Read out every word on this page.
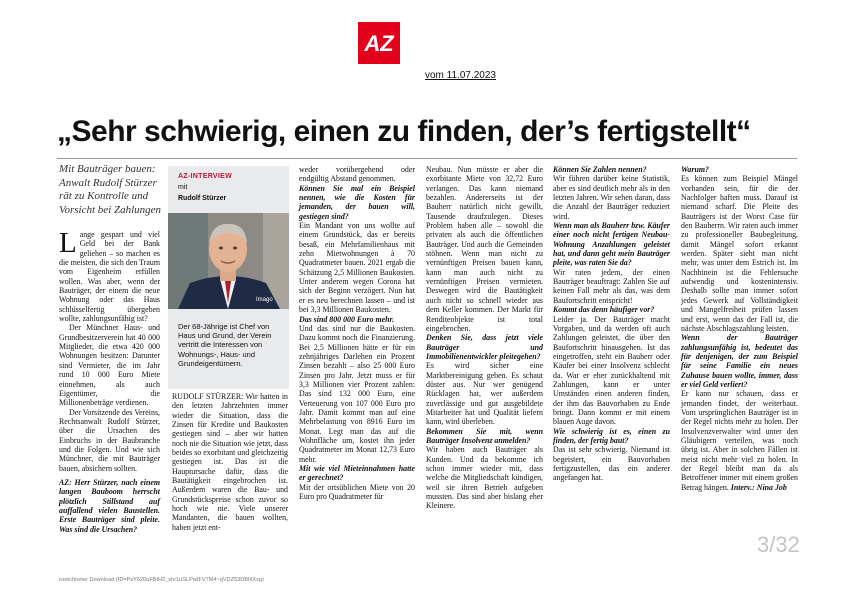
AZ
vom 11.07.2023
„Sehr schwierig, einen zu finden, der’s fertigstellt“
Mit Bauträger bauen: Anwalt Rudolf Stürzer rät zu Kontrolle und Vorsicht bei Zahlungen

Lange gespart und viel Geld bei der Bank geliehen – so machen es die meisten, die sich den Traum vom Eigenheim erfüllen wollen. Was aber, wenn der Bauträger, der einem die neue Wohnung oder das Haus schlüsselfertig übergeben wollte, zahlungsunfähig ist?

Der Münchner Haus- und Grundbesitzerverein hat 40 000 Mitglieder, die etwa 420 000 Wohnungen besitzen: Darunter sind Vermieter, die im Jahr rund 10 000 Euro Miete einnehmen, als auch Eigentümer, die Millionenbeträge verdienen.

Der Vorsitzende des Vereins, Rechtsanwalt Rudolf Stürzer, über die Ursachen des Einbruchs in der Baubranche und die Folgen. Und wie sich Münchner, die mit Bauträger bauen, absichern sollten.

AZ: Herr Stürzer, nach einem langen Bauboom herrscht plötzlich Stillstand auf auffallend vielen Baustellen. Erste Bauträger sind pleite. Was sind die Ursachen?

AZ-INTERVIEW
mit
Rudolf Stürzer
Imago
Der 68-Jährige ist Chef von Haus und Grund, der Verein vertritt die Interessen von Wohnungs-, Haus- und Grundeigentümern.

RUDOLF STÜRZER: Wir hatten in den letzten Jahrzehnten immer wieder die Situation, dass die Zinsen für Kredite und Baukosten gestiegen sind – aber wir hatten noch nie die Situation wie jetzt, dass beides so exorbitant und gleichzeitig gestiegen ist. Das ist die Hauptursache dafür, dass die Bautätigkeit eingebrochen ist. Außerdem waren die Bau- und Grundstückspreise schon zuvor so hoch wie nie. Viele unserer Mandanten, die bauen wollten, haben jetzt ent-

weder vorübergehend oder endgültig Abstand genommen.

Können Sie mal ein Beispiel nennen, wie die Kosten für jemanden, der bauen will, gestiegen sind?

Ein Mandant von uns wollte auf einem Grundstück, das er bereits besaß, ein Mehrfamilienhaus mit zehn Mietwohnungen à 70 Quadratmeter bauen. 2021 ergab die Schätzung 2,5 Millionen Baukosten. Unter anderem wegen Corona hat sich der Beginn verzögert. Nun hat er es neu berechnen lassen – und ist bei 3,3 Millionen Baukosten.

Das sind 800 000 Euro mehr.

Und das sind nur die Baukosten. Dazu kommt noch die Finanzierung. Bei 2,5 Millionen hätte er für ein zehnjähriges Darlehen ein Prozent Zinsen bezahlt – also 25 000 Euro Zinsen pro Jahr. Jetzt muss er für 3,3 Millionen vier Prozent zahlen: Das sind 132 000 Euro, eine Verteuerung von 107 000 Euro pro Jahr. Damit kommt man auf eine Mehrbelastung von 8916 Euro im Monat. Legt man das auf die Wohnfläche um, kostet ihn jeder Quadratmeter im Monat 12,73 Euro mehr.

Mit wie viel Mieteinnahmen hatte er gerechnet?

Mit der ortsüblichen Miete von 20 Euro pro Quadratmeter für

Neubau. Nun müsste er aber die exorbitante Miete von 32,72 Euro verlangen. Das kann niemand bezahlen. Andererseits ist der Bauherr natürlich nicht gewillt, Tausende draufzulegen. Dieses Problem haben alle – sowohl die privaten als auch die öffentlichen Bauträger. Und auch die Gemeinden stöhnen. Wenn man nicht zu vernünftigen Preisen bauen kann, kann man auch nicht zu vernünftigen Preisen vermieten. Deswegen wird die Bautätigkeit auch nicht so schnell wieder aus dem Keller kommen. Der Markt für Renditeobjekte ist total eingebrochen.

Denken Sie, dass jetzt viele Bauträger und Immobilienentwickler pleitegehen?

Es wird sicher eine Marktbereinigung geben. Es schaut düster aus. Nur wer genügend Rücklagen hat, wer außerdem zuverlässige und gut ausgebildete Mitarbeiter hat und Qualität liefern kann, wird überleben.

Bekommen Sie mit, wenn Bauträger Insolvenz anmelden?

Wir haben auch Bauträger als Kunden. Und da bekomme ich schon immer wieder mit, dass welche die Mitgliedschaft kündigen, weil sie ihren Betrieb aufgeben mussten. Das sind aber bislang eher Kleinere.

Können Sie Zahlen nennen?

Wir führen darüber keine Statistik, aber es sind deutlich mehr als in den letzten Jahren. Wir sehen daran, dass die Anzahl der Bauträger reduziert wird.

Wenn man als Bauherr bzw. Käufer einer noch nicht fertigen Neubau-Wohnung Anzahlungen geleistet hat, und dann geht mein Bauträger pleite, was raten Sie da?

Wir raten jedem, der einen Bauträger beauftragt: Zahlen Sie auf keinen Fall mehr als das, was dem Baufortschritt entspricht!

Kommt das denn häufiger vor?

Leider ja. Der Bauträger macht Vorgaben, und da werden oft auch Zahlungen geleistet, die über den Baufortschritt hinausgehen. Ist das eingetroffen, steht ein Bauherr oder Käufer bei einer Insolvenz schlecht da. War er eher zurückhaltend mit Zahlungen, kann er unter Umständen einen anderen finden, der ihm das Bauvorhaben zu Ende bringt. Dann kommt er mit einem blauen Auge davon.

Wie schwierig ist es, einen zu finden, der fertig baut?

Das ist sehr schwierig. Niemand ist begeistert, ein Bauvorhaben fertigzustellen, das ein anderer angefangen hat.

Warum?

Es können zum Beispiel Mängel vorhanden sein, für die der Nachfolger haften muss. Darauf ist niemand scharf. Die Pleite des Bauträgers ist der Worst Case für den Bauherrn. Wir raten auch immer zu professioneller Baubegleitung, damit Mängel sofort erkannt werden. Später sieht man nicht mehr, was unter dem Estrich ist. Im Nachhinein ist die Fehlersuche aufwendig und kostenintensiv. Deshalb sollte man immer sofort jedes Gewerk auf Vollständigkeit und Mangelfreiheit prüfen lassen und erst, wenn das der Fall ist, die nächste Abschlagszahlung leisten.

Wenn der Bauträger zahlungsunfähig ist, bedeutet das für denjenigen, der zum Beispiel für seine Familie ein neues Zuhause bauen wollte, immer, dass er viel Geld verliert?

Er kann nur schauen, dass er jemanden findet, der weiterbaut. Vom ursprünglichen Bauträger ist in der Regel nichts mehr zu holen. Der Insolvenzverwalter wird unter den Gläubigern verteilen, was noch übrig ist. Aber in solchen Fällen ist meist nicht mehr viel zu holen. In der Regel bleibt man da als Betroffener immer mit einem großen Betrag hängen. Interv.: Nina Job

nzeichneter Download (ID=PzY620uFBtH2_shr1uSLPwIFV7M4~qVDZ53DBhlXsg)
3/32
